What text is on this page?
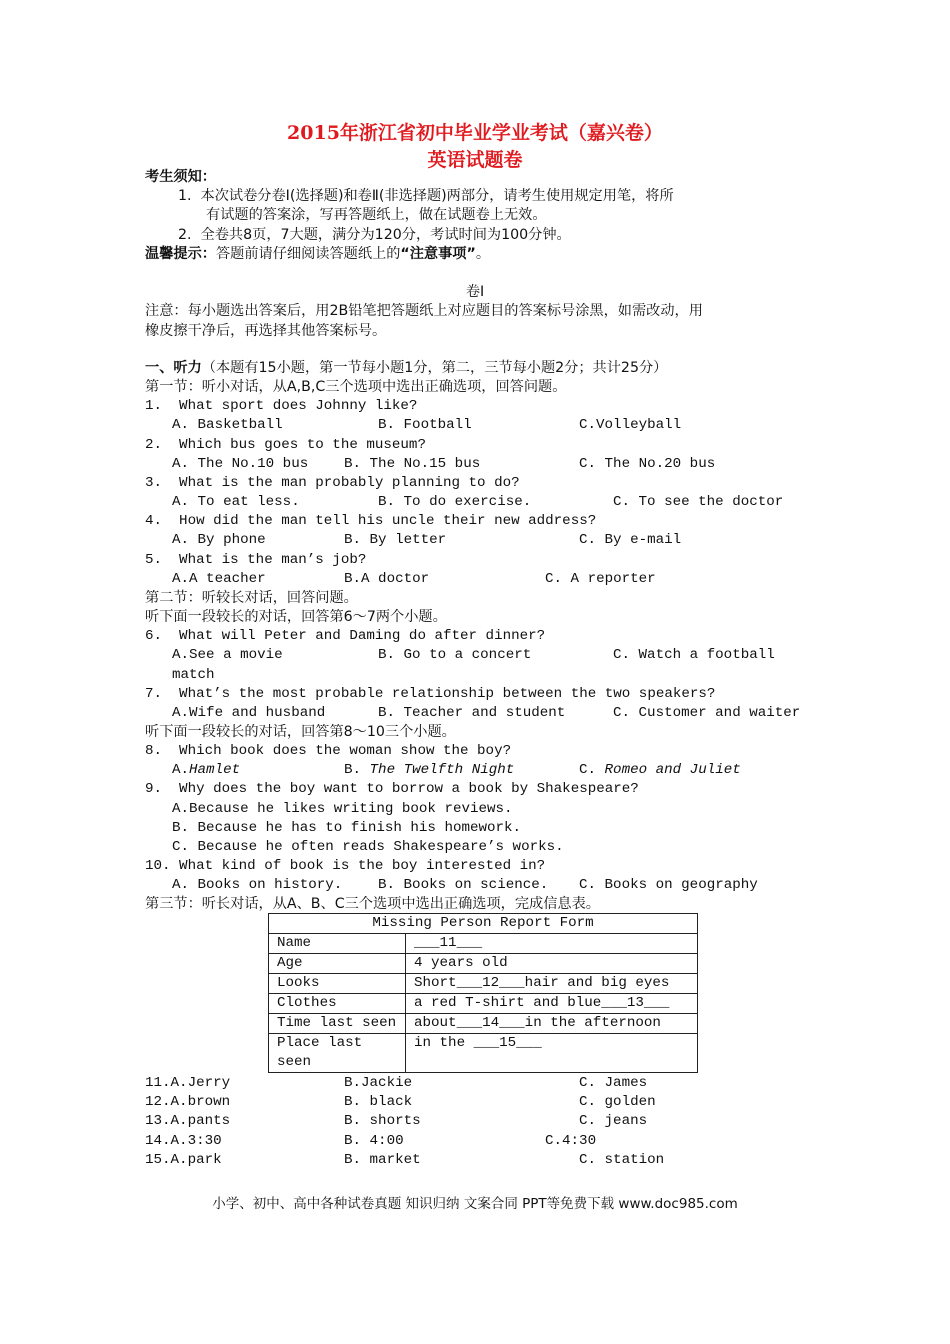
2015年浙江省初中毕业学业考试（嘉兴卷）
英语试题卷
考生须知：
1.  本次试卷分卷Ⅰ(选择题)和卷Ⅱ(非选择题)两部分，请考生使用规定用笔，将所
有试题的答案涂，写再答题纸上，做在试题卷上无效。
2.  全卷共8页，7大题，满分为120分，考试时间为100分钟。
温馨提示：答题前请仔细阅读答题纸上的“注意事项”。
卷Ⅰ
注意：每小题选出答案后，用2B铅笔把答题纸上对应题目的答案标号涂黑，如需改动，用
橡皮擦干净后，再选择其他答案标号。
一、听力（本题有15小题，第一节每小题1分，第二，三节每小题2分；共计25分）
第一节：听小对话，从A,B,C三个选项中选出正确选项，回答问题。
1.  What sport does Johnny like?
A. Basketball	B. Football	C.Volleyball
2.  Which bus goes to the museum?
A. The No.10 bus	B. The No.15 bus	C. The No.20 bus
3.  What is the man probably planning to do?
A. To eat less.	B. To do exercise.	C. To see the doctor
4.  How did the man tell his uncle their new address?
A. By phone	B. By letter	C. By e-mail
5.  What is the man’s job?
A.A teacher	B.A doctor	C. A reporter
第二节：听较长对话，回答问题。
听下面一段较长的对话，回答第6～7两个小题。
6.  What will Peter and Daming do after dinner?
A.See a movie	B. Go to a concert	C. Watch a football
match
7.  What’s the most probable relationship between the two speakers?
A.Wife and husband	B. Teacher and student	C. Customer and waiter
听下面一段较长的对话，回答第8～10三个小题。
8.  Which book does the woman show the boy?
A.Hamlet	B. The Twelfth Night	C. Romeo and Juliet
9.  Why does the boy want to borrow a book by Shakespeare?
A.Because he likes writing book reviews.
B. Because he has to finish his homework.
C. Because he often reads Shakespeare’s works.
10. What kind of book is the boy interested in?
A. Books on history.	B. Books on science. C. Books on geography
第三节：听长对话，从A、B、C三个选项中选出正确选项，完成信息表。
Missing Person Report Form	
Name	___11___
Age	4 years old
Looks	Short___12___hair and big eyes
Clothes	a red T-shirt and blue___13___
Time last seen	about___14___in the afternoon
Place last
seen	in the ___15___
11.A.Jerry	B.Jackie	C. James
12.A.brown	B. black	C. golden
13.A.pants	B. shorts	C. jeans
14.A.3:30	B. 4:00	C.4:30
15.A.park	B. market	C. station
小学、初中、高中各种试卷真题 知识归纳 文案合同 PPT等免费下载 www.doc985.com
